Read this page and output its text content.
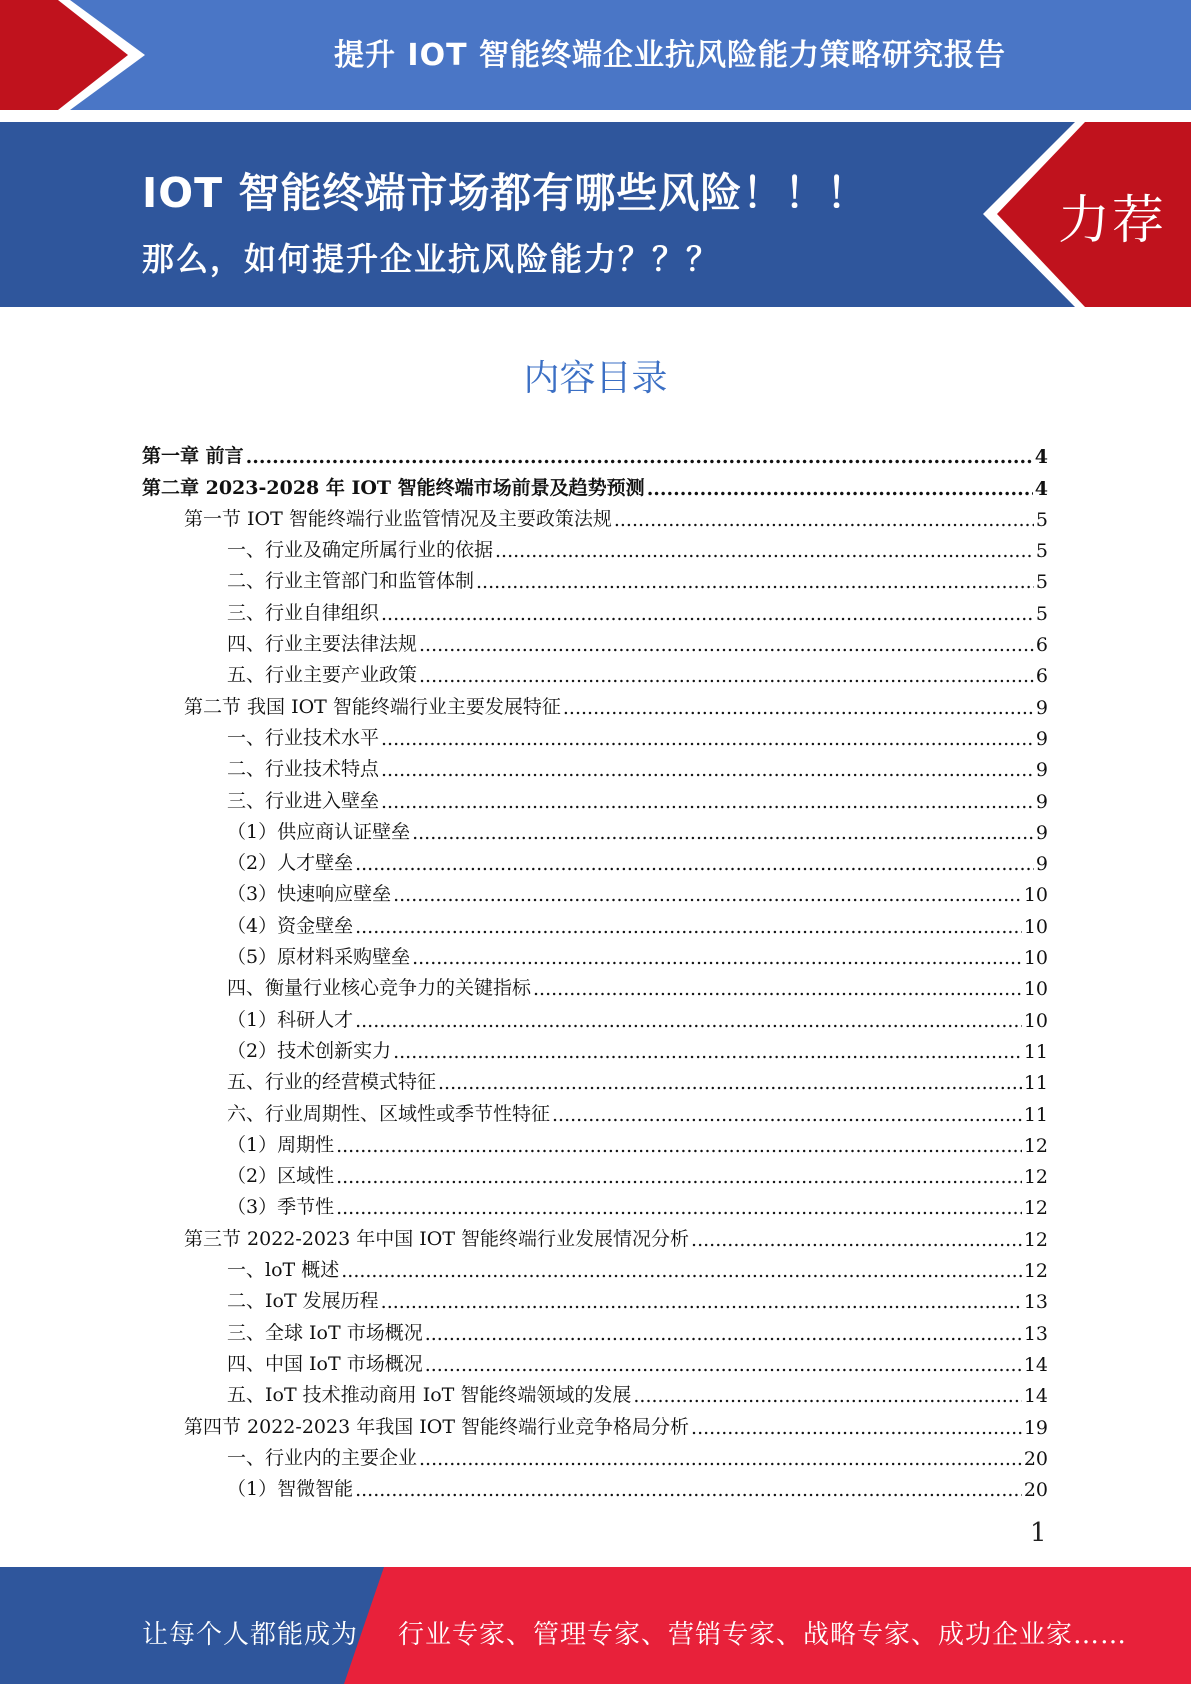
提升 IOT 智能终端企业抗风险能力策略研究报告
IOT 智能终端市场都有哪些风险！！！
那么，如何提升企业抗风险能力？？？
力荐
内容目录
第一章 前言 .....	4
第二章 2023-2028 年 IOT 智能终端市场前景及趋势预测 .....	4
第一节 IOT 智能终端行业监管情况及主要政策法规 .....	5
一、行业及确定所属行业的依据 .....	5
二、行业主管部门和监管体制 .....	5
三、行业自律组织 .....	5
四、行业主要法律法规 .....	6
五、行业主要产业政策 .....	6
第二节 我国 IOT 智能终端行业主要发展特征 .....	9
一、行业技术水平 .....	9
二、行业技术特点 .....	9
三、行业进入壁垒 .....	9
（1）供应商认证壁垒 .....	9
（2）人才壁垒 .....	9
（3）快速响应壁垒 .....	10
（4）资金壁垒 .....	10
（5）原材料采购壁垒 .....	10
四、衡量行业核心竞争力的关键指标 .....	10
（1）科研人才 .....	10
（2）技术创新实力 .....	11
五、行业的经营模式特征 .....	11
六、行业周期性、区域性或季节性特征 .....	11
（1）周期性 .....	12
（2）区域性 .....	12
（3）季节性 .....	12
第三节 2022-2023 年中国 IOT 智能终端行业发展情况分析 .....	12
一、loT 概述 .....	12
二、IoT 发展历程 .....	13
三、全球 IoT 市场概况 .....	13
四、中国 IoT 市场概况 .....	14
五、IoT 技术推动商用 IoT 智能终端领域的发展 .....	14
第四节 2022-2023 年我国 IOT 智能终端行业竞争格局分析 .....	19
一、行业内的主要企业 .....	20
（1）智微智能 .....	20
1
让每个人都能成为 行业专家、管理专家、营销专家、战略专家、成功企业家……
